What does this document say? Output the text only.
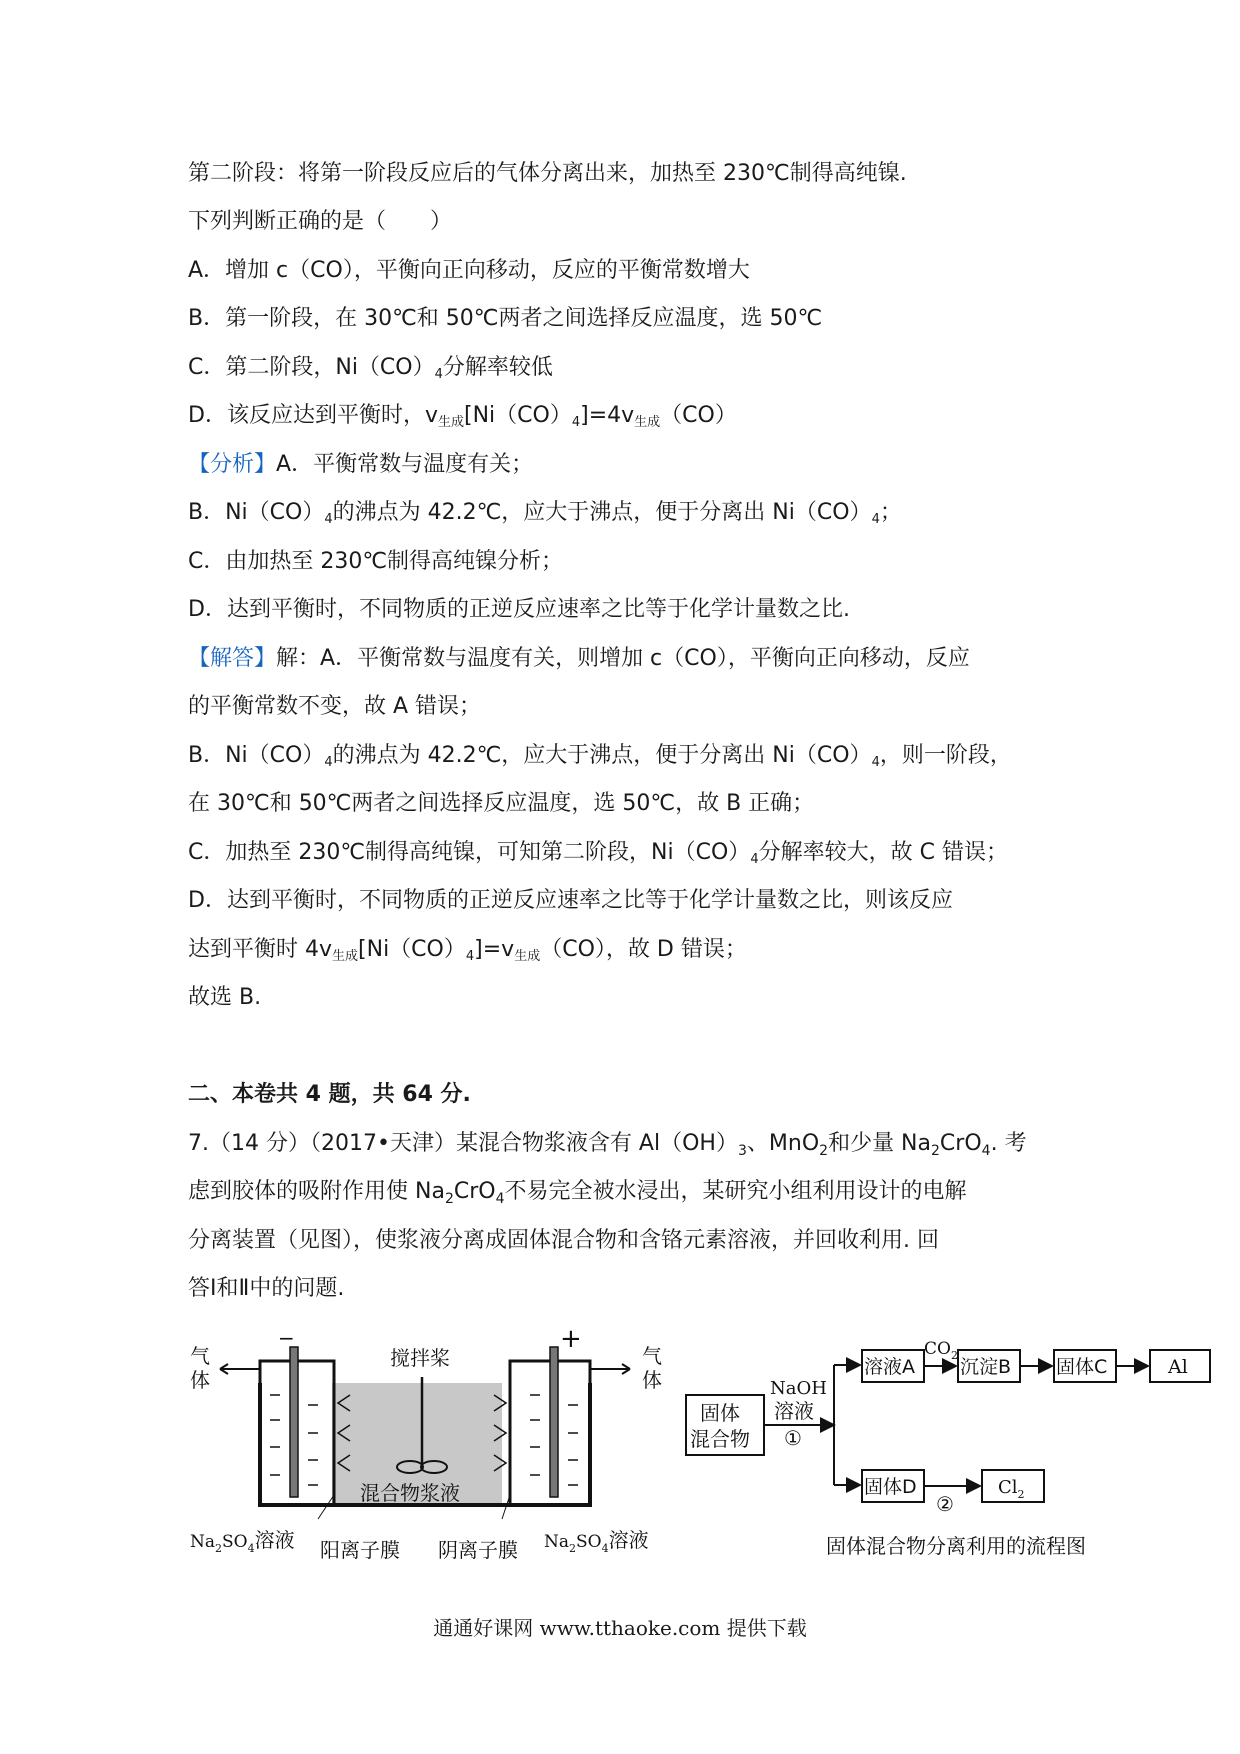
第二阶段：将第一阶段反应后的气体分离出来，加热至 230℃制得高纯镍.
下列判断正确的是（　　）
A．增加 c（CO），平衡向正向移动，反应的平衡常数增大
B．第一阶段，在 30℃和 50℃两者之间选择反应温度，选 50℃
C．第二阶段，$Ni(CO)_4$分解率较低
D．该反应达到平衡时，$v_{生成}[Ni(CO)_4]=4v_{生成}(CO)$
【分析】A．平衡常数与温度有关；
B．$Ni(CO)_4$的沸点为 42.2℃，应大于沸点，便于分离出 $Ni(CO)_4$；
C．由加热至 230℃制得高纯镍分析；
D．达到平衡时，不同物质的正逆反应速率之比等于化学计量数之比.
【解答】解：A．平衡常数与温度有关，则增加 c（CO），平衡向正向移动，反应
的平衡常数不变，故 A 错误；
B．$Ni(CO)_4$的沸点为 42.2℃，应大于沸点，便于分离出 $Ni(CO)_4$，则一阶段，
在 30℃和 50℃两者之间选择反应温度，选 50℃，故 B 正确；
C．加热至 230℃制得高纯镍，可知第二阶段，$Ni(CO)_4$分解率较大，故 C 错误；
D．达到平衡时，不同物质的正逆反应速率之比等于化学计量数之比，则该反应
达到平衡时 $4v_{生成}[Ni(CO)_4]=v_{生成}(CO)$，故 D 错误；
故选 B.
二、本卷共 4 题，共 64 分.
7.（14 分）（2017•天津）某混合物浆液含有 $Al(OH)_3$、MnO$_2$和少量 $Na_2CrO_4$. 考
虑到胶体的吸附作用使 $Na_2CrO_4$不易完全被水浸出，某研究小组利用设计的电解
分离装置（见图），使浆液分离成固体混合物和含铬元素溶液，并回收利用. 回
答Ⅰ和Ⅱ中的问题.
气
体
气
体
−	+
搅拌桨
混合物浆液
$Na_2SO_4$溶液 阳离子膜 阴离子膜 $Na_2SO_4$溶液
固体
混合物
NaOH
溶液
①
溶液A
$CO_2$
沉淀B 固体C	Al
固体D
②
$Cl_2$
固体混合物分离利用的流程图
通通好课网 www.tthaoke.com 提供下载
